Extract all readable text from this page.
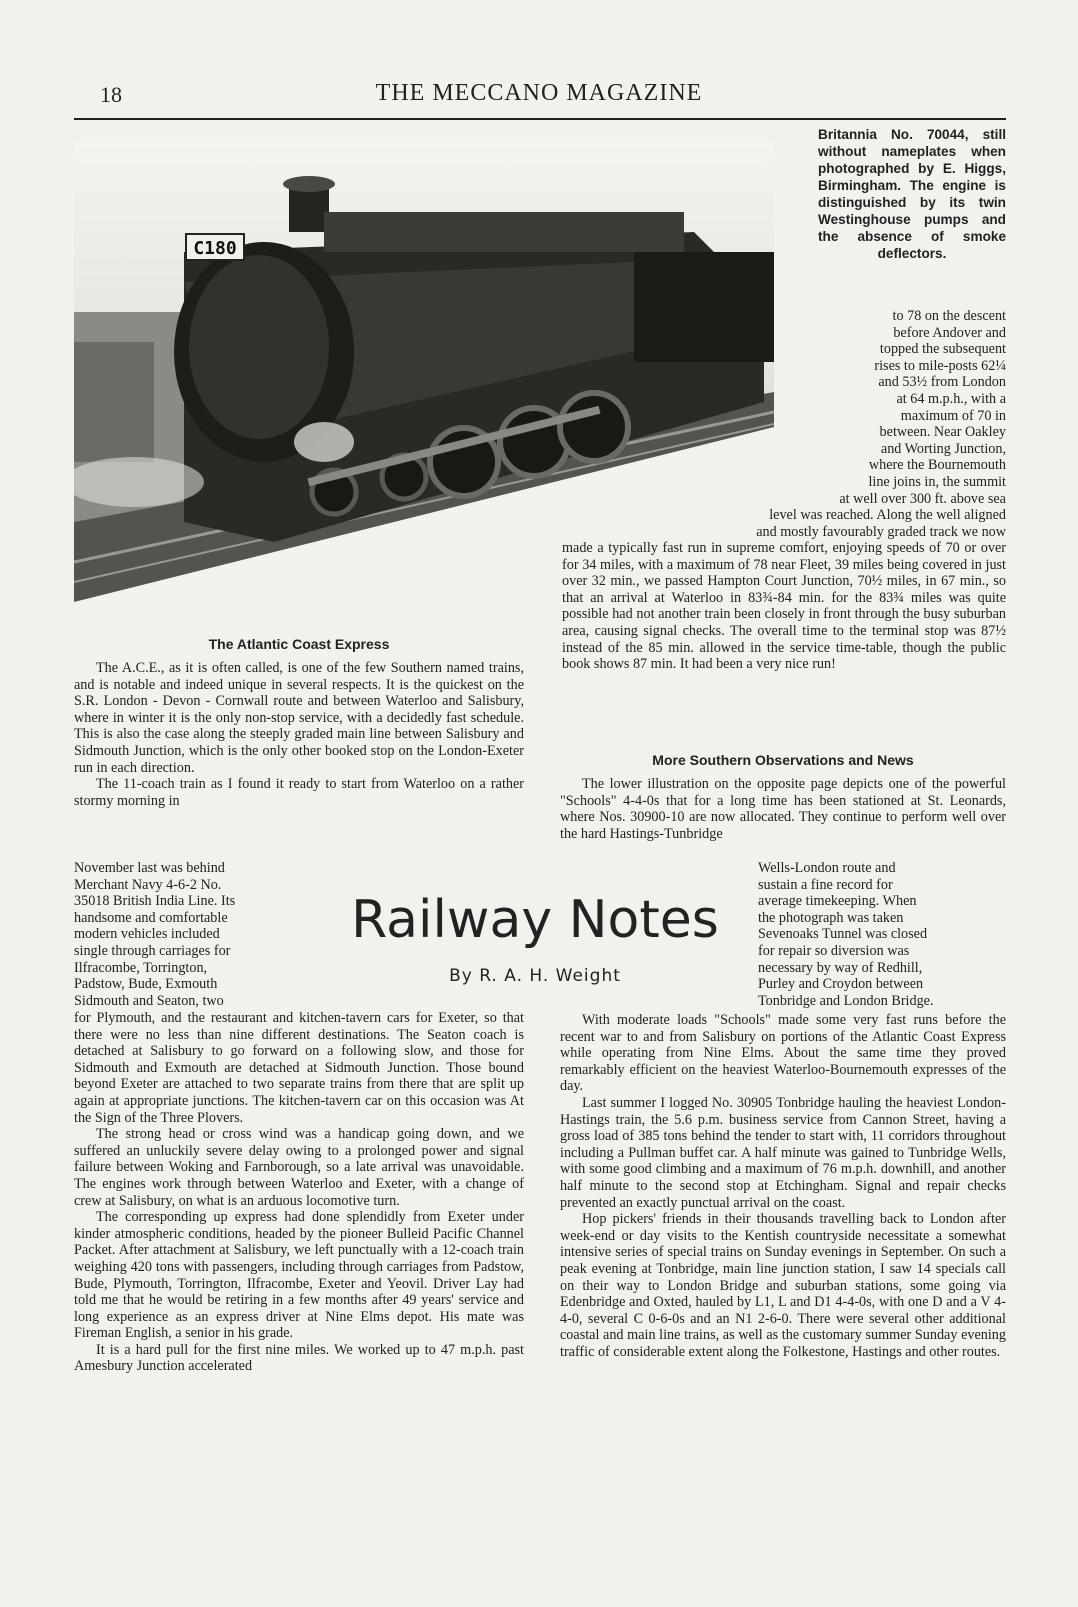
18	THE MECCANO MAGAZINE
C180
Britannia No. 70044, still without nameplates when photographed by E. Higgs, Birmingham. The engine is distinguished by its twin Westinghouse pumps and the absence of smoke deflectors.
to 78 on the descent
before Andover and
topped the subsequent
rises to mile-posts 62¼
and 53½ from London
at 64 m.p.h., with a
maximum of 70 in
between. Near Oakley
and Worting Junction,
where the Bournemouth
line joins in, the summit
at well over 300 ft. above sea
level was reached. Along the well aligned
and mostly favourably graded track we now
made a typically fast run in supreme comfort, enjoying speeds of 70 or over for 34 miles, with a maximum of 78 near Fleet, 39 miles being covered in just over 32 min., we passed Hampton Court Junction, 70½ miles, in 67 min., so that an arrival at Waterloo in 83¾-84 min. for the 83¾ miles was quite possible had not another train been closely in front through the busy suburban area, causing signal checks. The overall time to the terminal stop was 87½ instead of the 85 min. allowed in the service time-table, though the public book shows 87 min. It had been a very nice run!
The Atlantic Coast Express

The A.C.E., as it is often called, is one of the few Southern named trains, and is notable and indeed unique in several respects. It is the quickest on the S.R. London - Devon - Cornwall route and between Waterloo and Salisbury, where in winter it is the only non-stop service, with a decidedly fast schedule. This is also the case along the steeply graded main line between Salisbury and Sidmouth Junction, which is the only other booked stop on the London-Exeter run in each direction.

The 11-coach train as I found it ready to start from Waterloo on a rather stormy morning in

November last was behind
Merchant Navy 4-6-2 No.
35018 British India Line. Its
handsome and comfortable
modern vehicles included
single through carriages for
Ilfracombe, Torrington,
Padstow, Bude, Exmouth
Sidmouth and Seaton, two

for Plymouth, and the restaurant and kitchen-tavern cars for Exeter, so that there were no less than nine different destinations. The Seaton coach is detached at Salisbury to go forward on a following slow, and those for Sidmouth and Exmouth are detached at Sidmouth Junction. Those bound beyond Exeter are attached to two separate trains from there that are split up again at appropriate junctions. The kitchen-tavern car on this occasion was At the Sign of the Three Plovers.

The strong head or cross wind was a handicap going down, and we suffered an unluckily severe delay owing to a prolonged power and signal failure between Woking and Farnborough, so a late arrival was unavoidable. The engines work through between Waterloo and Exeter, with a change of crew at Salisbury, on what is an arduous locomotive turn.

The corresponding up express had done splendidly from Exeter under kinder atmospheric conditions, headed by the pioneer Bulleid Pacific Channel Packet. After attachment at Salisbury, we left punctually with a 12-coach train weighing 420 tons with passengers, including through carriages from Padstow, Bude, Plymouth, Torrington, Ilfracombe, Exeter and Yeovil. Driver Lay had told me that he would be retiring in a few months after 49 years' service and long experience as an express driver at Nine Elms depot. His mate was Fireman English, a senior in his grade.

It is a hard pull for the first nine miles. We worked up to 47 m.p.h. past Amesbury Junction accelerated

Railway Notes
By R. A. H. Weight
More Southern Observations and News

The lower illustration on the opposite page depicts one of the powerful "Schools" 4-4-0s that for a long time has been stationed at St. Leonards, where Nos. 30900-10 are now allocated. They continue to perform well over the hard Hastings-Tunbridge

Wells-London route and
sustain a fine record for
average timekeeping. When
the photograph was taken
Sevenoaks Tunnel was closed
for repair so diversion was
necessary by way of Redhill,
Purley and Croydon between
Tonbridge and London Bridge.

With moderate loads "Schools" made some very fast runs before the recent war to and from Salisbury on portions of the Atlantic Coast Express while operating from Nine Elms. About the same time they proved remarkably efficient on the heaviest Waterloo-Bournemouth expresses of the day.

Last summer I logged No. 30905 Tonbridge hauling the heaviest London-Hastings train, the 5.6 p.m. business service from Cannon Street, having a gross load of 385 tons behind the tender to start with, 11 corridors throughout including a Pullman buffet car. A half minute was gained to Tunbridge Wells, with some good climbing and a maximum of 76 m.p.h. downhill, and another half minute to the second stop at Etchingham. Signal and repair checks prevented an exactly punctual arrival on the coast.

Hop pickers' friends in their thousands travelling back to London after week-end or day visits to the Kentish countryside necessitate a somewhat intensive series of special trains on Sunday evenings in September. On such a peak evening at Tonbridge, main line junction station, I saw 14 specials call on their way to London Bridge and suburban stations, some going via Edenbridge and Oxted, hauled by L1, L and D1 4-4-0s, with one D and a V 4-4-0, several C 0-6-0s and an N1 2-6-0. There were several other additional coastal and main line trains, as well as the customary summer Sunday evening traffic of considerable extent along the Folkestone, Hastings and other routes.
